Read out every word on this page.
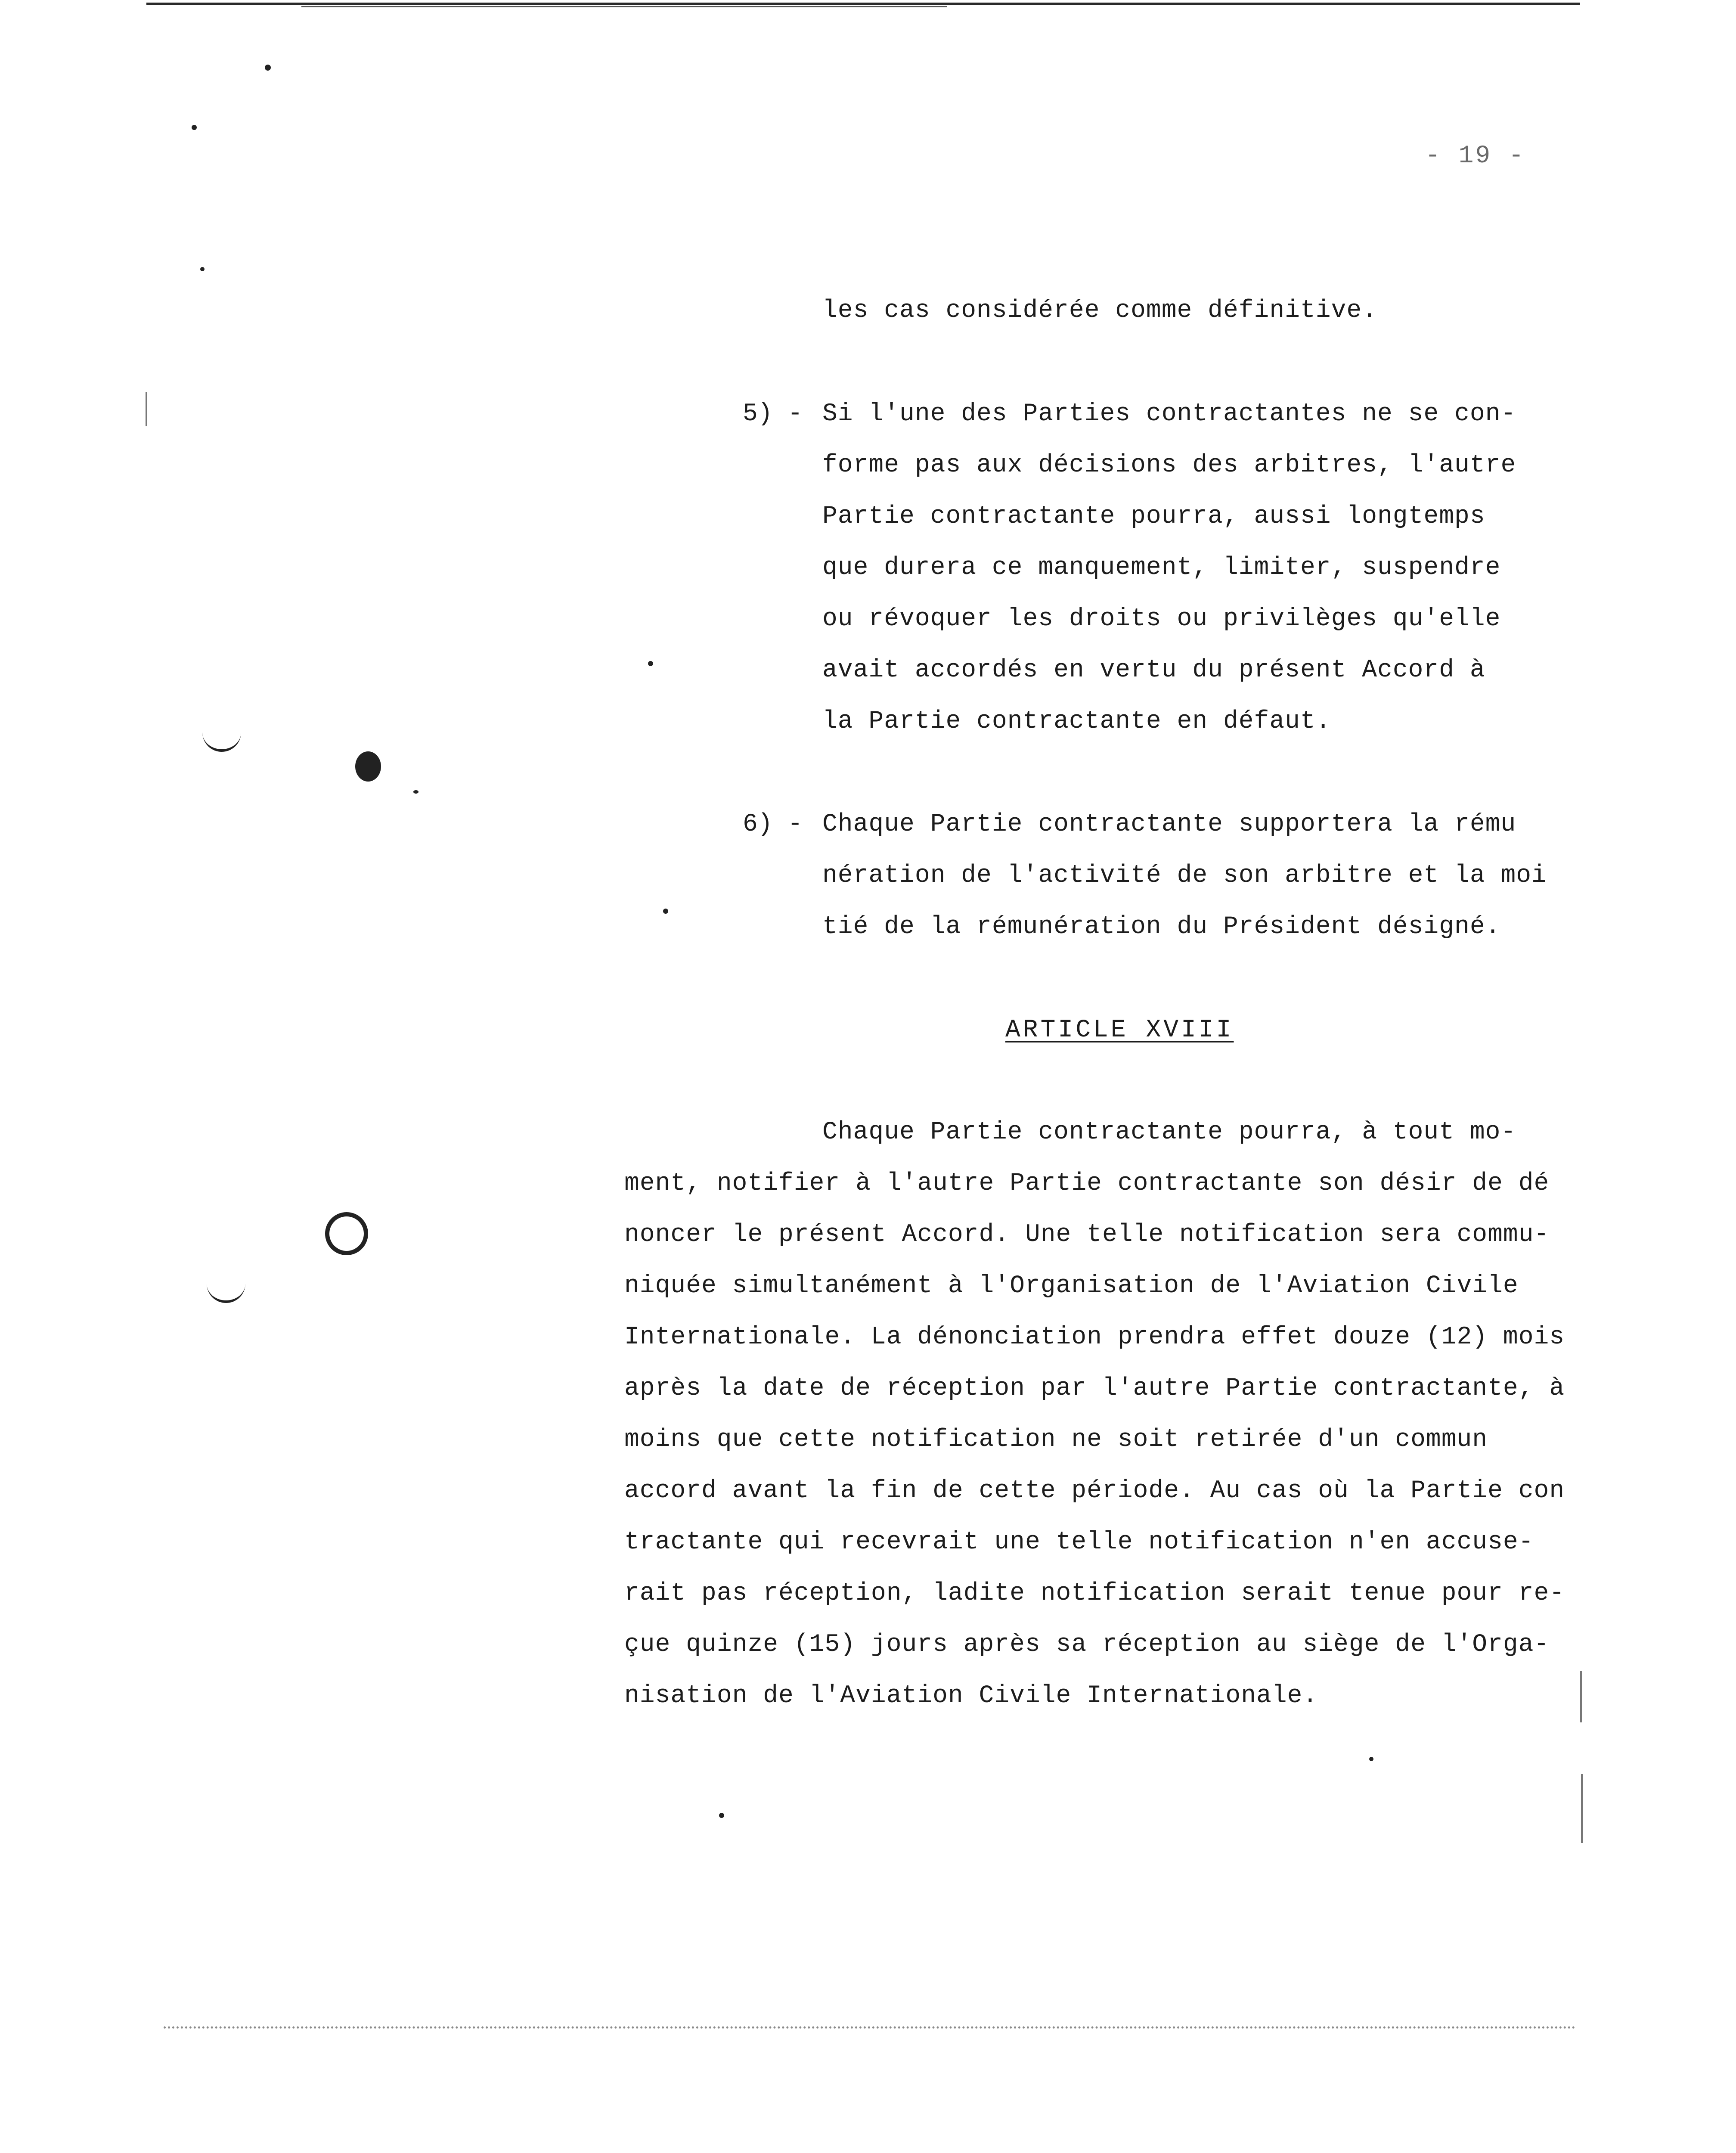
- 19 -
les cas considérée comme définitive.
5) - Si l'une des Parties contractantes ne se con-
forme pas aux décisions des arbitres, l'autre
Partie contractante pourra, aussi longtemps
que durera ce manquement, limiter, suspendre
ou révoquer les droits ou privilèges qu'elle
avait accordés en vertu du présent Accord à
la Partie contractante en défaut.
6) - Chaque Partie contractante supportera la rému
nération de l'activité de son arbitre et la moi
tié de la rémunération du Président désigné.
ARTICLE XVIII
Chaque Partie contractante pourra, à tout mo-
ment, notifier à l'autre Partie contractante son désir de dé
noncer le présent Accord. Une telle notification sera commu-
niquée simultanément à l'Organisation de l'Aviation Civile
Internationale. La dénonciation prendra effet douze (12) mois
après la date de réception par l'autre Partie contractante, à
moins que cette notification ne soit retirée d'un commun
accord avant la fin de cette période. Au cas où la Partie con
tractante qui recevrait une telle notification n'en accuse-
rait pas réception, ladite notification serait tenue pour re-
çue quinze (15) jours après sa réception au siège de l'Orga-
nisation de l'Aviation Civile Internationale.
